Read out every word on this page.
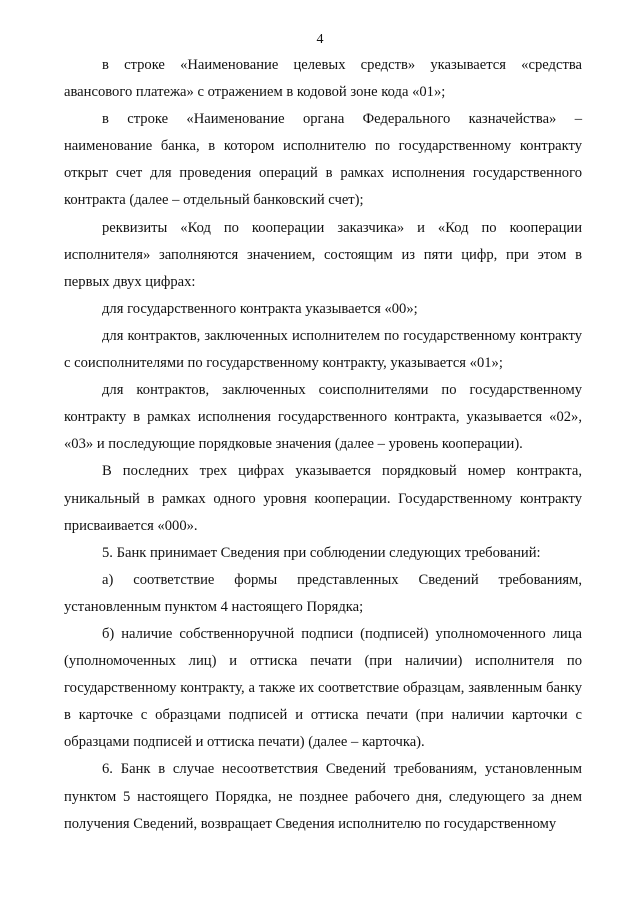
4

в строке «Наименование целевых средств» указывается «средства авансового платежа» с отражением в кодовой зоне кода «01»;

в строке «Наименование органа Федерального казначейства» – наименование банка, в котором исполнителю по государственному контракту открыт счет для проведения операций в рамках исполнения государственного контракта (далее – отдельный банковский счет);

реквизиты «Код по кооперации заказчика» и «Код по кооперации исполнителя» заполняются значением, состоящим из пяти цифр, при этом в первых двух цифрах:

для государственного контракта указывается «00»;

для контрактов, заключенных исполнителем по государственному контракту с соисполнителями по государственному контракту, указывается «01»;

для контрактов, заключенных соисполнителями по государственному контракту в рамках исполнения государственного контракта, указывается «02», «03» и последующие порядковые значения (далее – уровень кооперации).

В последних трех цифрах указывается порядковый номер контракта, уникальный в рамках одного уровня кооперации. Государственному контракту присваивается «000».

5. Банк принимает Сведения при соблюдении следующих требований:

а) соответствие формы представленных Сведений требованиям, установленным пунктом 4 настоящего Порядка;

б) наличие собственноручной подписи (подписей) уполномоченного лица (уполномоченных лиц) и оттиска печати (при наличии) исполнителя по государственному контракту, а также их соответствие образцам, заявленным банку в карточке с образцами подписей и оттиска печати (при наличии карточки с образцами подписей и оттиска печати) (далее – карточка).

6. Банк в случае несоответствия Сведений требованиям, установленным пунктом 5 настоящего Порядка, не позднее рабочего дня, следующего за днем получения Сведений, возвращает Сведения исполнителю по государственному
